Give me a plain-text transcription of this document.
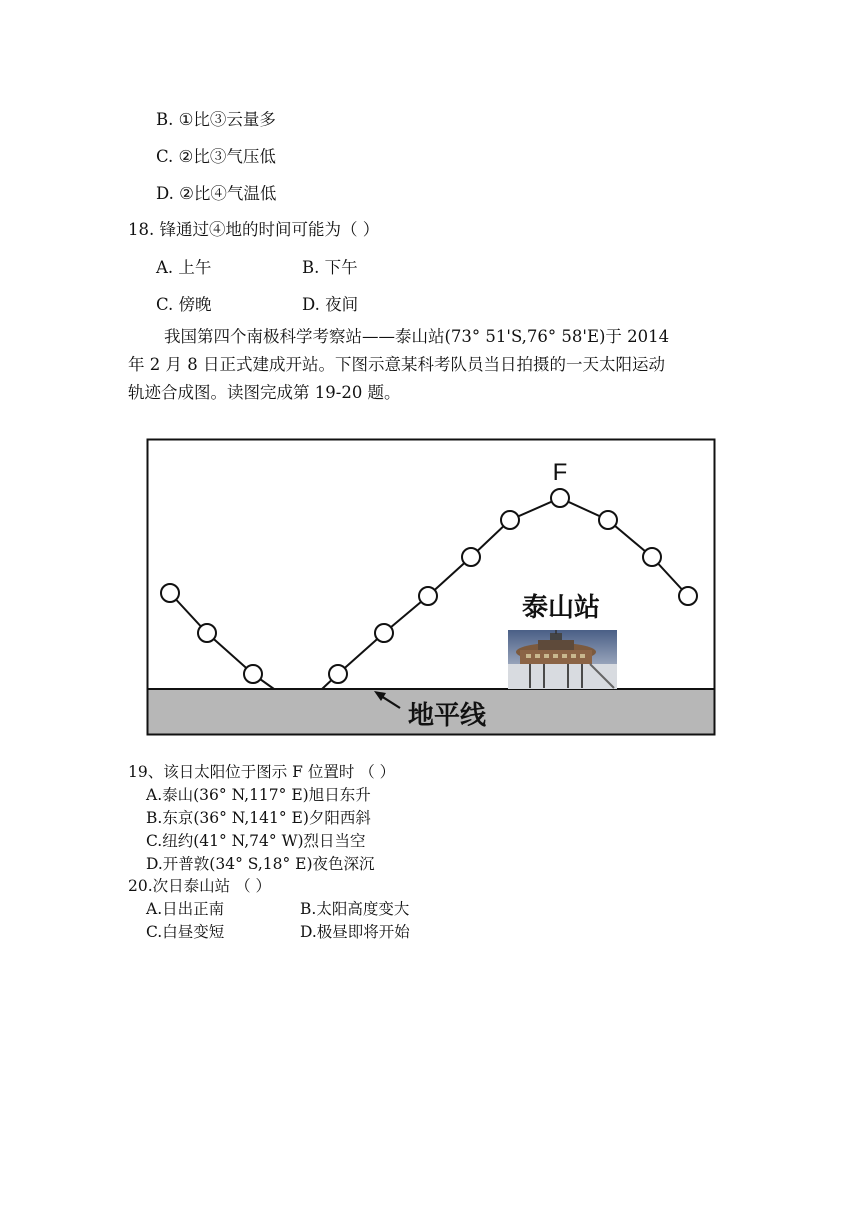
B. ①比③云量多
C. ②比③气压低
D. ②比④气温低
18. 锋通过④地的时间可能为（ ）
A. 上午	B. 下午
C. 傍晚	D. 夜间

我国第四个南极科学考察站——泰山站(73° 51'S,76° 58'E)于 2014

年 2 月 8 日正式建成开站。下图示意某科考队员当日拍摄的一天太阳运动

轨迹合成图。读图完成第 19-20 题。

F
泰山站
地平线
19、该日太阳位于图示 F 位置时 （ ）
A.泰山(36° N,117° E)旭日东升
B.东京(36° N,141° E)夕阳西斜
C.纽约(41° N,74° W)烈日当空
D.开普敦(34° S,18° E)夜色深沉
20.次日泰山站 （ ）
A.日出正南	B.太阳高度变大
C.白昼变短	D.极昼即将开始
